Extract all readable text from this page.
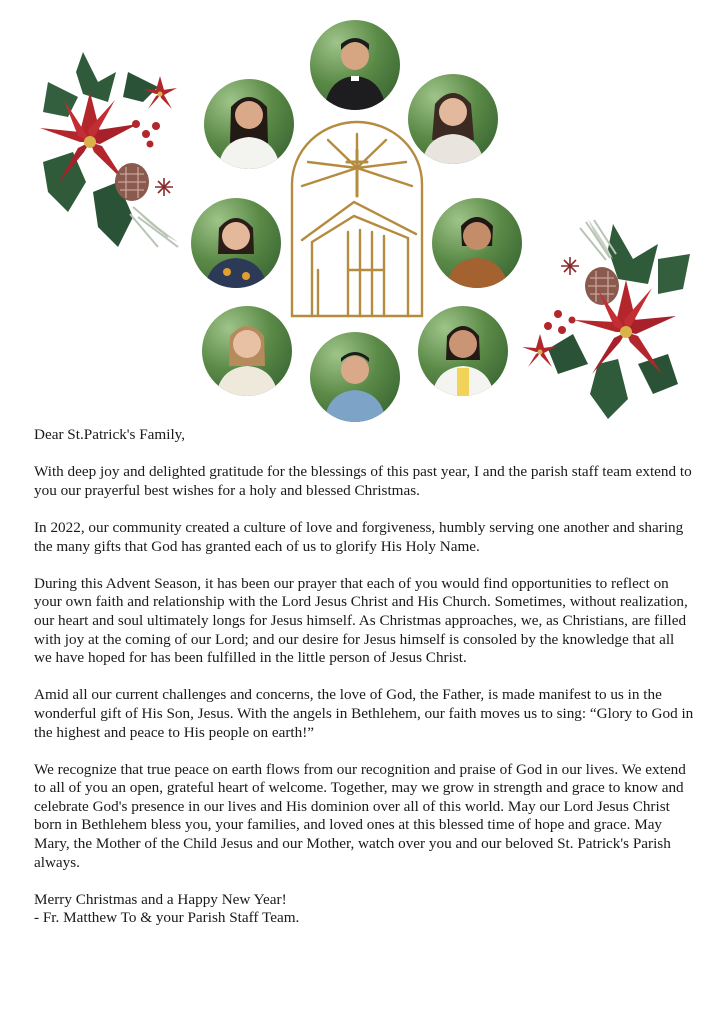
Dear St.Patrick's Family,

With deep joy and delighted gratitude for the blessings of this past year, I and the parish staff team extend to you our prayerful best wishes for a holy and blessed Christmas.

In 2022, our community created a culture of love and forgiveness, humbly serving one another and sharing the many gifts that God has granted each of us to glorify His Holy Name.

During this Advent Season, it has been our prayer that each of you would find opportunities to reflect on your own faith and relationship with the Lord Jesus Christ and His Church. Sometimes, without realization, our heart and soul ultimately longs for Jesus himself. As Christmas approaches, we, as Christians, are filled with joy at the coming of our Lord; and our desire for Jesus himself is consoled by the knowledge that all we have hoped for has been fulfilled in the little person of Jesus Christ.

Amid all our current challenges and concerns, the love of God, the Father, is made manifest to us in the wonderful gift of His Son, Jesus. With the angels in Bethlehem, our faith moves us to sing: “Glory to God in the highest and peace to His people on earth!”

We recognize that true peace on earth flows from our recognition and praise of God in our lives. We extend to all of you an open, grateful heart of welcome. Together, may we grow in strength and grace to know and celebrate God's presence in our lives and His dominion over all of this world. May our Lord Jesus Christ born in Bethlehem bless you, your families, and loved ones at this blessed time of hope and grace. May Mary, the Mother of the Child Jesus and our Mother, watch over you and our beloved St. Patrick's Parish always.

Merry Christmas and a Happy New Year!

- Fr. Matthew To & your Parish Staff Team.
